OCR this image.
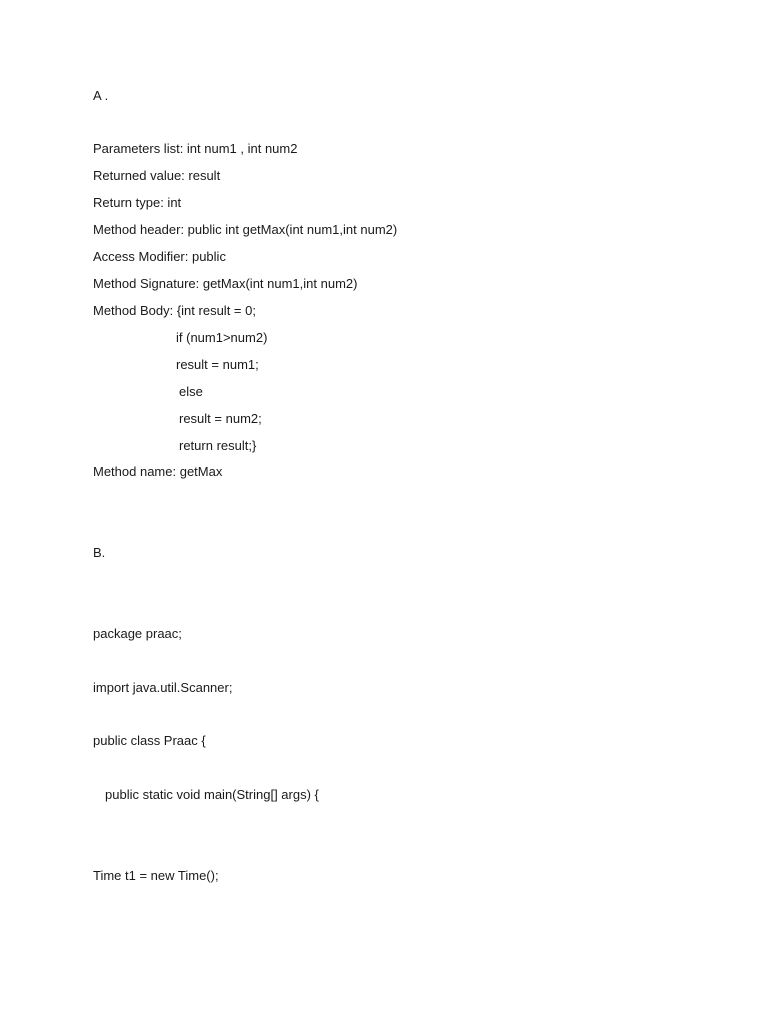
A .

Parameters list: int num1 , int num2

Returned value: result

Return type: int

Method header: public int getMax(int num1,int num2)

Access Modifier: public

Method Signature: getMax(int num1,int num2)

Method Body: {int result = 0;

if (num1>num2)

result = num1;

else

result = num2;

return result;}

Method name: getMax

B.

package praac;

import java.util.Scanner;

public class Praac {

public static void main(String[] args) {

Time t1 = new Time();
